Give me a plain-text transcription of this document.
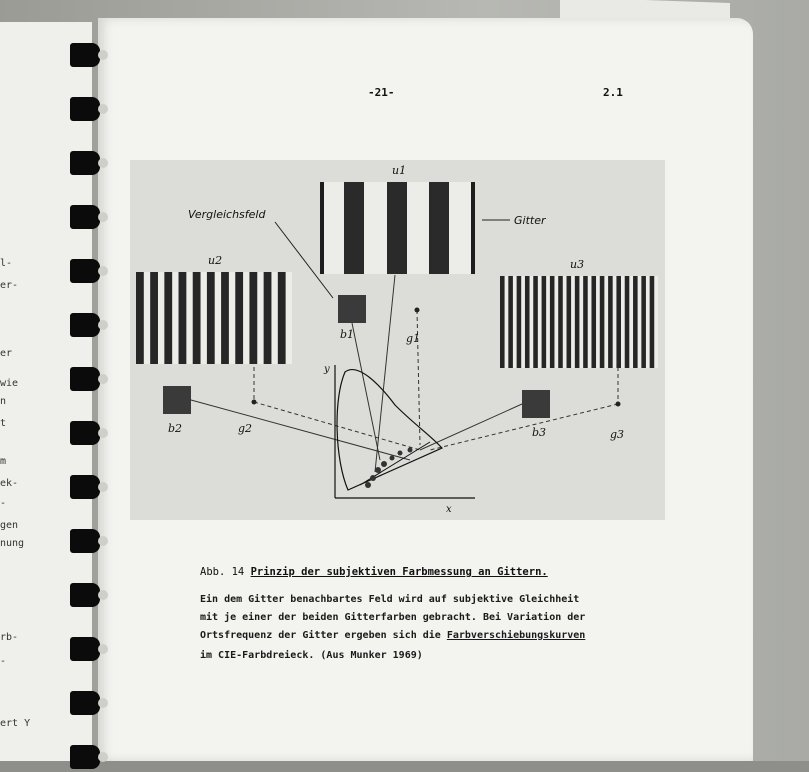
l-
er-
er
wie
n
t
m
ek-
-
gen
nung
rb-
-
ert Y
-21-	2.1
u1
u2	u3
b1
b2	b3
g1
g2	g3
Vergleichsfeld	Gitter
y
x
Abb. 14 Prinzip der subjektiven Farbmessung an Gittern.
Ein dem Gitter benachbartes Feld wird auf subjektive Gleichheit
mit je einer der beiden Gitterfarben gebracht. Bei Variation der
Ortsfrequenz der Gitter ergeben sich die Farbverschiebungskurven
im CIE-Farbdreieck. (Aus Munker 1969)
